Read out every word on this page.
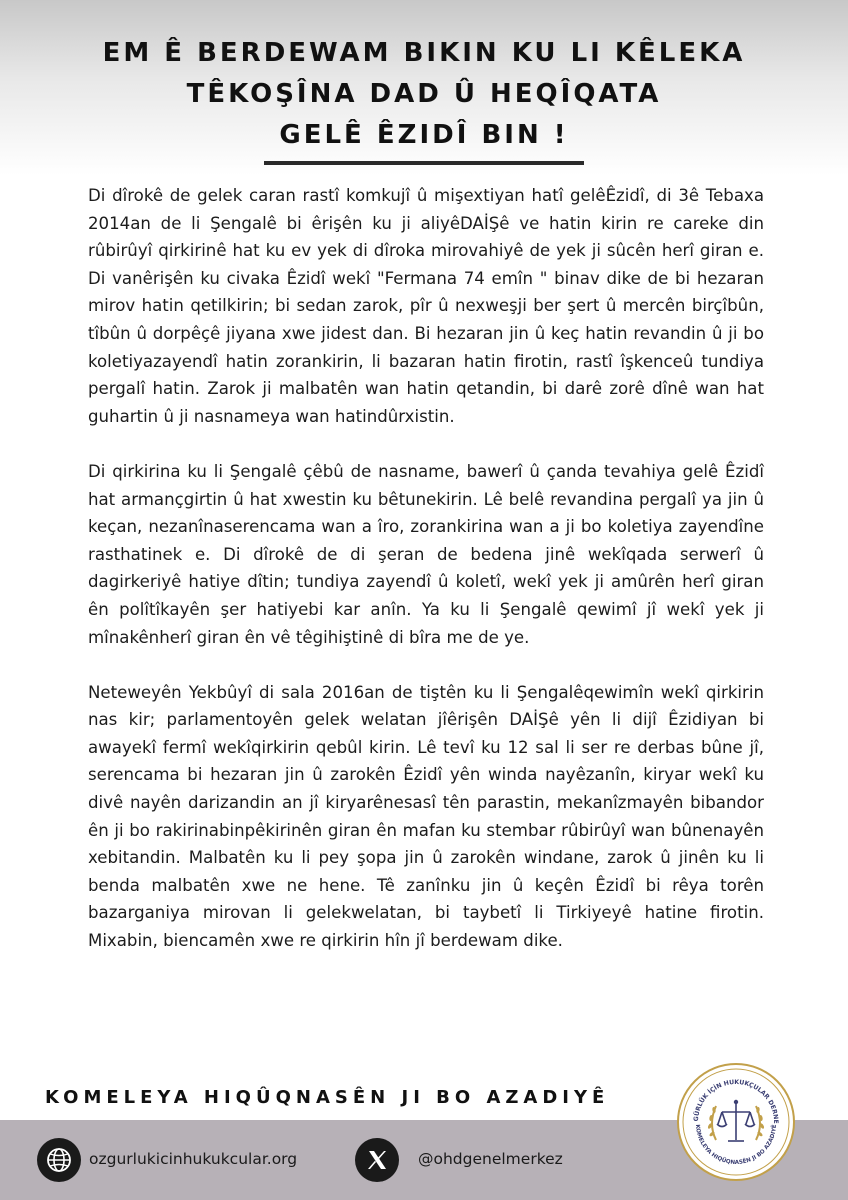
EM Ê BERDEWAM BIKIN KU LI KÊLEKA
TÊKOŞÎNA DAD Û HEQÎQATA
GELÊ ÊZIDÎ BIN !

Di dîrokê de gelek caran rastî komkujî û mişextiyan hatî gelêÊzidî, di 3ê Tebaxa 2014an de li Şengalê bi êrişên ku ji aliyêDAİŞê ve hatin kirin re careke din rûbirûyî qirkirinê hat ku ev yek di dîroka mirovahiyê de yek ji sûcên herî giran e. Di vanêrişên ku civaka Êzidî wekî "Fermana 74 emîn " binav dike de bi hezaran mirov hatin qetilkirin; bi sedan zarok, pîr û nexweşji ber şert û mercên birçîbûn, tîbûn û dorpêçê jiyana xwe jidest dan. Bi hezaran jin û keç hatin revandin û ji bo koletiyazayendî hatin zorankirin, li bazaran hatin firotin, rastî îşkenceû tundiya pergalî hatin. Zarok ji malbatên wan hatin qetandin, bi darê zorê dînê wan hat guhartin û ji nasnameya wan hatindûrxistin.

Di qirkirina ku li Şengalê çêbû de nasname, bawerî û çanda tevahiya gelê Êzidî hat armançgirtin û hat xwestin ku bêtunekirin. Lê belê revandina pergalî ya jin û keçan, nezanînaserencama wan a îro, zorankirina wan a ji bo koletiya zayendîne rasthatinek e. Di dîrokê de di şeran de bedena jinê wekîqada serwerî û dagirkeriyê hatiye dîtin; tundiya zayendî û koletî, wekî yek ji amûrên herî giran ên polîtîkayên şer hatiyebi kar anîn. Ya ku li Şengalê qewimî jî wekî yek ji mînakênherî giran ên vê têgihiştinê di bîra me de ye.

Neteweyên Yekbûyî di sala 2016an de tiştên ku li Şengalêqewimîn wekî qirkirin nas kir; parlamentoyên gelek welatan jîêrişên DAİŞê yên li dijî Êzidiyan bi awayekî fermî wekîqirkirin qebûl kirin. Lê tevî ku 12 sal li ser re derbas bûne jî, serencama bi hezaran jin û zarokên Êzidî yên winda nayêzanîn, kiryar wekî ku divê nayên darizandin an jî kiryarênesasî tên parastin, mekanîzmayên bibandor ên ji bo rakirinabinpêkirinên giran ên mafan ku stembar rûbirûyî wan bûnenayên xebitandin. Malbatên ku li pey şopa jin û zarokên windane, zarok û jinên ku li benda malbatên xwe ne hene. Tê zanînku jin û keçên Êzidî bi rêya torên bazarganiya mirovan li gelekwelatan, bi taybetî li Tirkiyeyê hatine firotin. Mixabin, biencamên xwe re qirkirin hîn jî berdewam dike.

KOMELEYA HIQÛQNASÊN JI BO AZADIYÊ
ozgurlukicinhukukcular.org	@ohdgenelmerkez
GÜRLÜK İÇİN HUKUKÇULAR DERNE
KOMELEYA HIQÛQNASÊN JI BO AZADIYÊ
